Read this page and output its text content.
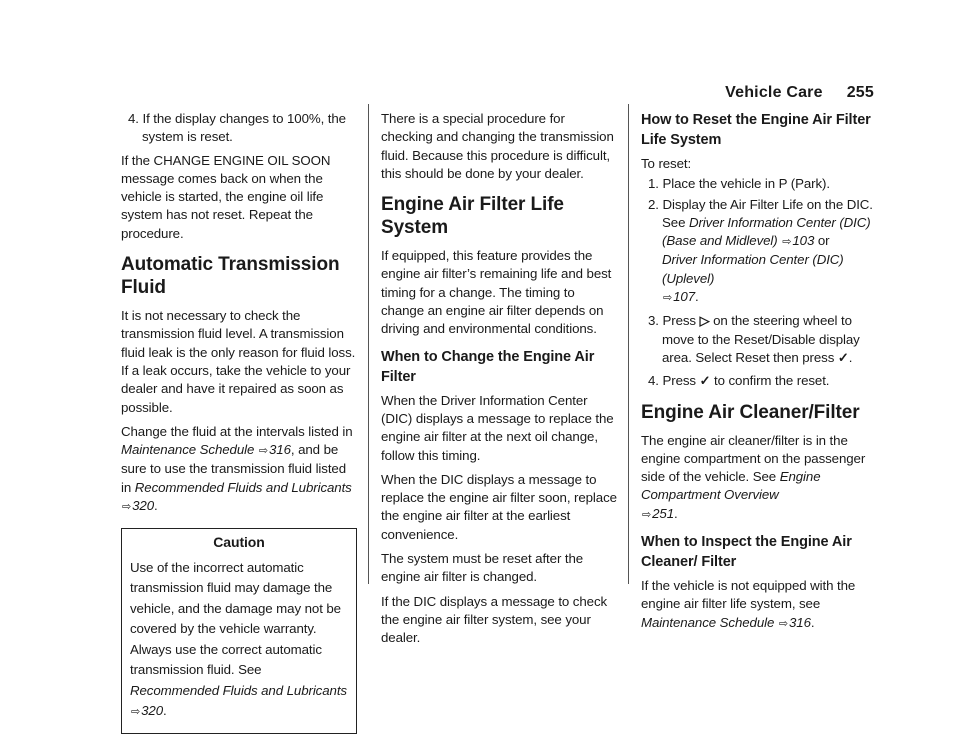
Vehicle Care 255

4. If the display changes to 100%, the system is reset.

If the CHANGE ENGINE OIL SOON message comes back on when the vehicle is started, the engine oil life system has not reset. Repeat the procedure.

Automatic Transmission Fluid

It is not necessary to check the transmission fluid level. A transmission fluid leak is the only reason for fluid loss. If a leak occurs, take the vehicle to your dealer and have it repaired as soon as possible.

Change the fluid at the intervals listed in Maintenance Schedule ⇨316, and be sure to use the transmission fluid listed in Recommended Fluids and Lubricants ⇨320.

Caution
Use of the incorrect automatic transmission fluid may damage the vehicle, and the damage may not be covered by the vehicle warranty. Always use the correct automatic transmission fluid. See Recommended Fluids and Lubricants ⇨320.

There is a special procedure for checking and changing the transmission fluid. Because this procedure is difficult, this should be done by your dealer.

Engine Air Filter Life System

If equipped, this feature provides the engine air filter’s remaining life and best timing for a change. The timing to change an engine air filter depends on driving and environmental conditions.

When to Change the Engine Air Filter

When the Driver Information Center (DIC) displays a message to replace the engine air filter at the next oil change, follow this timing.

When the DIC displays a message to replace the engine air filter soon, replace the engine air filter at the earliest convenience.

The system must be reset after the engine air filter is changed.

If the DIC displays a message to check the engine air filter system, see your dealer.

How to Reset the Engine Air Filter Life System

To reset:

1. Place the vehicle in P (Park).

2. Display the Air Filter Life on the DIC. See Driver Information Center (DIC) (Base and Midlevel) ⇨103 or
Driver Information Center (DIC) (Uplevel)
⇨107.

3. Press ▷ on the steering wheel to move to the Reset/Disable display area. Select Reset then press ✓.

4. Press ✓ to confirm the reset.

Engine Air Cleaner/Filter

The engine air cleaner/filter is in the engine compartment on the passenger side of the vehicle. See Engine Compartment Overview
⇨251.

When to Inspect the Engine Air Cleaner/ Filter

If the vehicle is not equipped with the engine air filter life system, see Maintenance Schedule ⇨316.
